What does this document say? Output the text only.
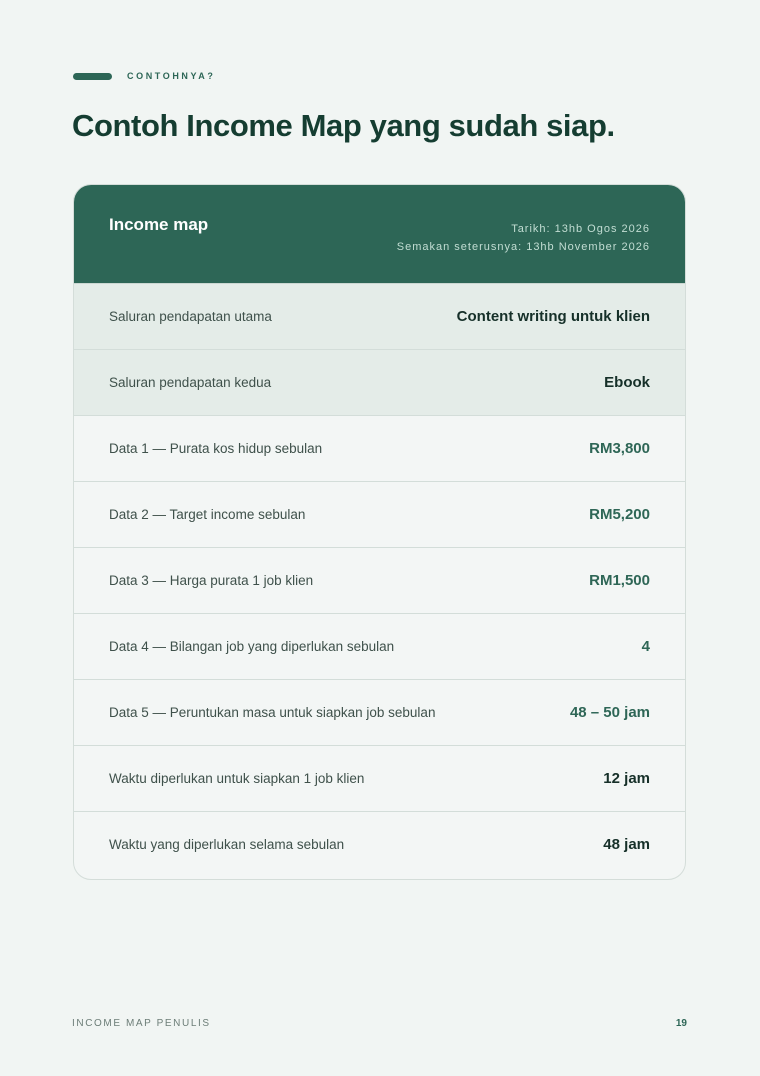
CONTOHNYA?
Contoh Income Map yang sudah siap.
Income map	Tarikh: 13hb Ogos 2026
Semakan seterusnya: 13hb November 2026
Saluran pendapatan utama	Content writing untuk klien
Saluran pendapatan kedua	Ebook
Data 1 — Purata kos hidup sebulan	RM3,800
Data 2 — Target income sebulan	RM5,200
Data 3 — Harga purata 1 job klien	RM1,500
Data 4 — Bilangan job yang diperlukan sebulan	4
Data 5 — Peruntukan masa untuk siapkan job sebulan	48 – 50 jam
Waktu diperlukan untuk siapkan 1 job klien	12 jam
Waktu yang diperlukan selama sebulan	48 jam
INCOME MAP PENULIS	19
